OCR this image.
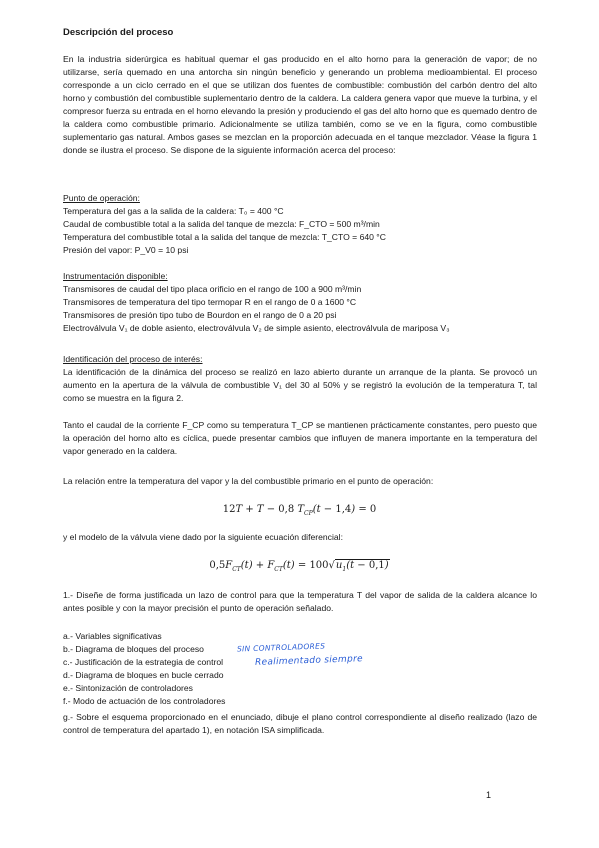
Descripción del proceso

En la industria siderúrgica es habitual quemar el gas producido en el alto horno para la generación de vapor; de no utilizarse, sería quemado en una antorcha sin ningún beneficio y generando un problema medioambiental. El proceso corresponde a un ciclo cerrado en el que se utilizan dos fuentes de combustible: combustión del carbón dentro del alto horno y combustión del combustible suplementario dentro de la caldera. La caldera genera vapor que mueve la turbina, y el compresor fuerza su entrada en el horno elevando la presión y produciendo el gas del alto horno que es quemado dentro de la caldera como combustible primario. Adicionalmente se utiliza también, como se ve en la figura, como combustible suplementario gas natural. Ambos gases se mezclan en la proporción adecuada en el tanque mezclador. Véase la figura 1 donde se ilustra el proceso. Se dispone de la siguiente información acerca del proceso:

Punto de operación:
Temperatura del gas a la salida de la caldera: T₀ = 400 °C
Caudal de combustible total a la salida del tanque de mezcla: F_CTO = 500 m³/min
Temperatura del combustible total a la salida del tanque de mezcla: T_CTO = 640 °C
Presión del vapor: P_V0 = 10 psi
Instrumentación disponible:
Transmisores de caudal del tipo placa orificio en el rango de 100 a 900 m³/min
Transmisores de temperatura del tipo termopar R en el rango de 0 a 1600 °C
Transmisores de presión tipo tubo de Bourdon en el rango de 0 a 20 psi
Electroválvula V₁ de doble asiento, electroválvula V₂ de simple asiento, electroválvula de mariposa V₃
Identificación del proceso de interés:

La identificación de la dinámica del proceso se realizó en lazo abierto durante un arranque de la planta. Se provocó un aumento en la apertura de la válvula de combustible V₁ del 30 al 50% y se registró la evolución de la temperatura T, tal como se muestra en la figura 2.

Tanto el caudal de la corriente F_CP como su temperatura T_CP se mantienen prácticamente constantes, pero puesto que la operación del horno alto es cíclica, puede presentar cambios que influyen de manera importante en la temperatura del vapor generado en la caldera.

La relación entre la temperatura del vapor y la del combustible primario en el punto de operación:

12T + T − 0,8 $T_{CP}(t - 1,4) = 0$

y el modelo de la válvula viene dado por la siguiente ecuación diferencial:

$0,5F_{CT}(t) + F_{CT}(t) = 100√u_1(t - 0,1)$

1.- Diseñe de forma justificada un lazo de control para que la temperatura T del vapor de salida de la caldera alcance lo antes posible y con la mayor precisión el punto de operación señalado.

a.- Variables significativas
b.- Diagrama de bloques del proceso
c.- Justificación de la estrategia de control
d.- Diagrama de bloques en bucle cerrado
e.- Sintonización de controladores
f.- Modo de actuación de los controladores

g.- Sobre el esquema proporcionado en el enunciado, dibuje el plano control correspondiente al diseño realizado (lazo de control de temperatura del apartado 1), en notación ISA simplificada.

SIN CONTROLADORES
Realimentado siempre
1
